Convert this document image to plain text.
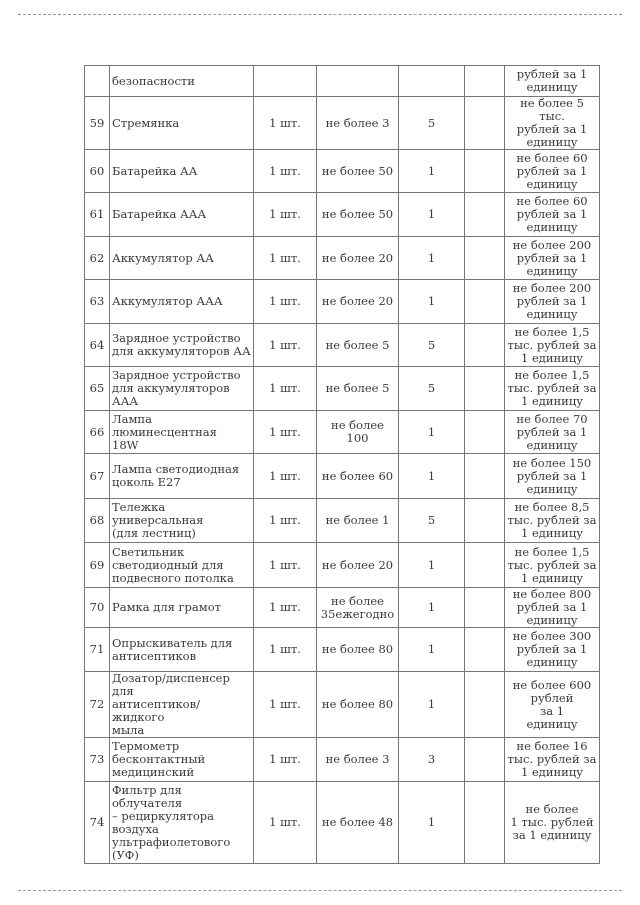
	безопасности					рублей за 1
единицу

59	Стремянка	1 шт.	не более 3	5		не более 5 тыс.
рублей за 1
единицу

60	Батарейка АА	1 шт.	не более 50	1		не более 60
рублей за 1
единицу

61	Батарейка ААА	1 шт.	не более 50	1		не более 60
рублей за 1
единицу

62	Аккумулятор АА	1 шт.	не более 20	1		не более 200
рублей за 1
единицу

63	Аккумулятор ААА	1 шт.	не более 20	1		не более 200
рублей за 1
единицу

64	Зарядное устройство
для аккумуляторов АА	1 шт.	не более 5	5		не более 1,5
тыс. рублей за
1 единицу

65	Зарядное устройство
для аккумуляторов
ААА	1 шт.	не более 5	5		не более 1,5
тыс. рублей за
1 единицу

66	Лампа люминесцентная
18W	1 шт.	не более 100	1		не более 70
рублей за 1
единицу

67	Лампа светодиодная
цоколь Е27	1 шт.	не более 60	1		не более 150
рублей за 1
единицу

68	Тележка универсальная
(для лестниц)	1 шт.	не более 1	5		не более 8,5
тыс. рублей за
1 единицу

69	Светильник
светодиодный для
подвесного потолка	1 шт.	не более 20	1		не более 1,5
тыс. рублей за
1 единицу

70	Рамка для грамот	1 шт.	не более 35ежегодно	1		не более 800
рублей за 1
единицу

71	Опрыскиватель для
антисептиков	1 шт.	не более 80	1		не более 300
рублей за 1
единицу

72	Дозатор/диспенсер для
антисептиков/жидкого
мыла	1 шт.	не более 80	1		не более 600
рублей
за 1
единицу

73	Термометр
бесконтактный
медицинский	1 шт.	не более 3	3		не более 16
тыс. рублей за
1 единицу

74	Фильтр для облучателя
– рециркулятора
воздуха
ультрафиолетового
(УФ)	1 шт.	не более 48	1		не более
1 тыс. рублей
за 1 единицу
